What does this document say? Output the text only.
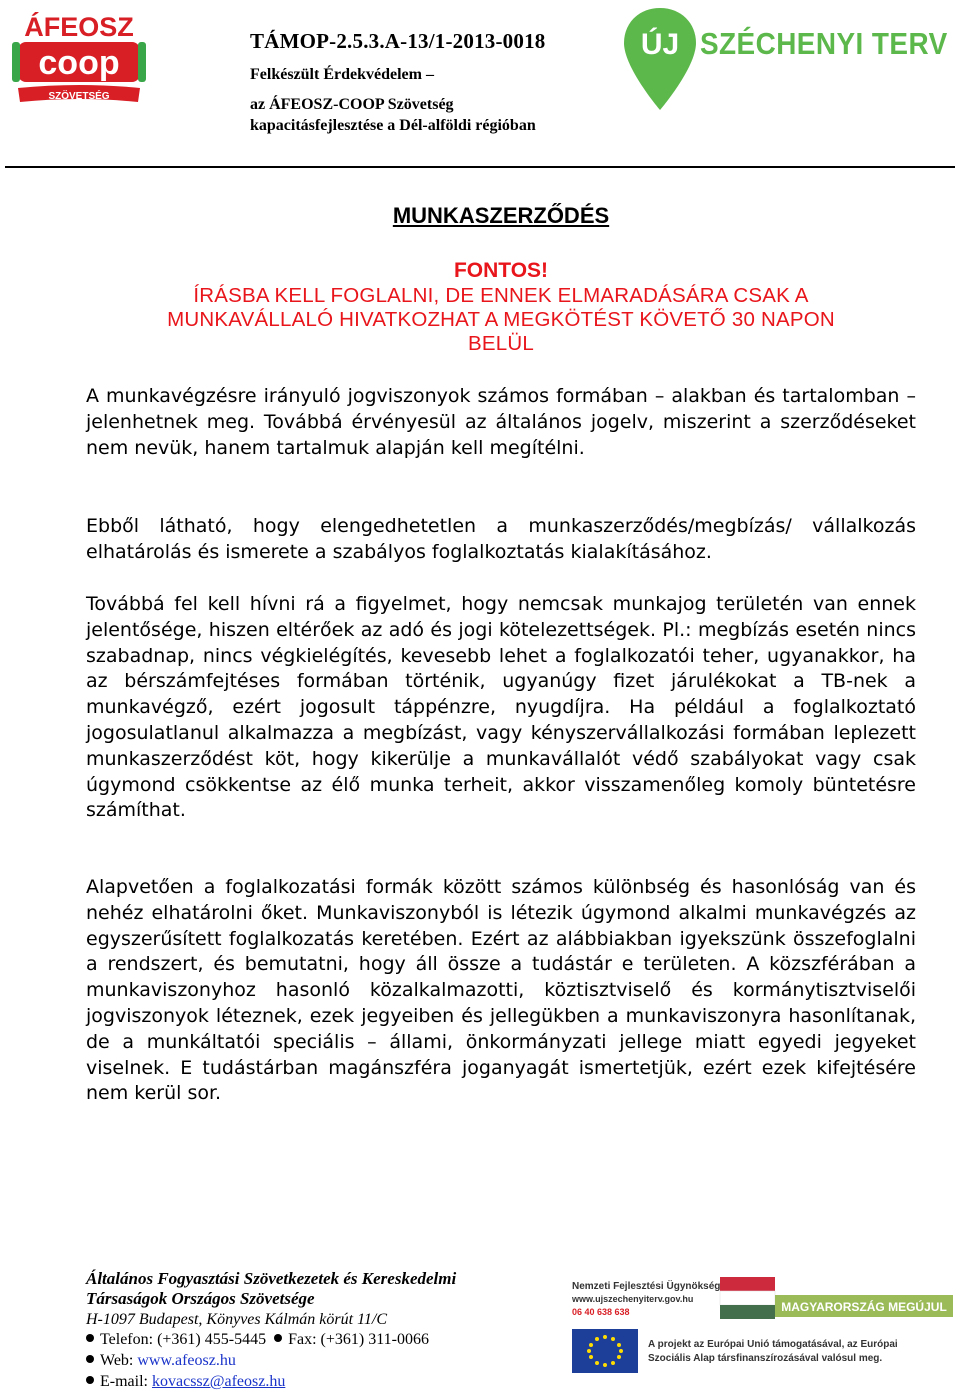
ÁFEOSZ
coop
SZÖVETSÉG
TÁMOP-2.5.3.A-13/1-2013-0018
Felkészült Érdekvédelem –
az ÁFEOSZ-COOP Szövetség
kapacitásfejlesztése a Dél-alföldi régióban
ÚJ SZÉCHENYI TERV
MUNKASZERZŐDÉS
FONTOS!
ÍRÁSBA KELL FOGLALNI, DE ENNEK ELMARADÁSÁRA CSAK A
MUNKAVÁLLALÓ HIVATKOZHAT A MEGKÖTÉST KÖVETŐ 30 NAPON
BELÜL

A munkavégzésre irányuló jogviszonyok számos formában – alakban és tartalomban – jelenhetnek meg. Továbbá érvényesül az általános jogelv, miszerint a szerződéseket nem nevük, hanem tartalmuk alapján kell megítélni.

Ebből látható, hogy elengedhetetlen a munkaszerződés/megbízás/ vállalkozás elhatárolás és ismerete a szabályos foglalkoztatás kialakításához.

Továbbá fel kell hívni rá a figyelmet, hogy nemcsak munkajog területén van ennek jelentősége, hiszen eltérőek az adó és jogi kötelezettségek. Pl.: megbízás esetén nincs szabadnap, nincs végkielégítés, kevesebb lehet a foglalkozatói teher, ugyanakkor, ha az bérszámfejtéses formában történik, ugyanúgy fizet járulékokat a TB-nek a munkavégző, ezért jogosult táppénzre, nyugdíjra. Ha például a foglalkoztató jogosulatlanul alkalmazza a megbízást, vagy kényszervállalkozási formában leplezett munkaszerződést köt, hogy kikerülje a munkavállalót védő szabályokat vagy csak úgymond csökkentse az élő munka terheit, akkor visszamenőleg komoly büntetésre számíthat.

Alapvetően a foglalkozatási formák között számos különbség és hasonlóság van és nehéz elhatárolni őket. Munkaviszonyból is létezik úgymond alkalmi munkavégzés az egyszerűsített foglalkozatás keretében. Ezért az alábbiakban igyekszünk összefoglalni a rendszert, és bemutatni, hogy áll össze a tudástár e területen. A közszférában a munkaviszonyhoz hasonló közalkalmazotti, köztisztviselő és kormánytisztviselői jogviszonyok léteznek, ezek jegyeiben és jellegükben a munkaviszonyra hasonlítanak, de a munkáltatói speciális – állami, önkormányzati jellege miatt egyedi jegyeket viselnek. E tudástárban magánszféra joganyagát ismertetjük, ezért ezek kifejtésére nem kerül sor.

Általános Fogyasztási Szövetkezetek és Kereskedelmi
Társaságok Országos Szövetsége
H-1097 Budapest, Könyves Kálmán körút 11/C
Telefon: (+361) 455-5445 Fax: (+361) 311-0066
Web: www.afeosz.hu
E-mail: kovacssz@afeosz.hu
Nemzeti Fejlesztési Ügynökség
www.ujszechenyiterv.gov.hu
06 40 638 638	MAGYARORSZÁG MEGÚJUL
A projekt az Európai Unió támogatásával, az Európai
Szociális Alap társfinanszírozásával valósul meg.
